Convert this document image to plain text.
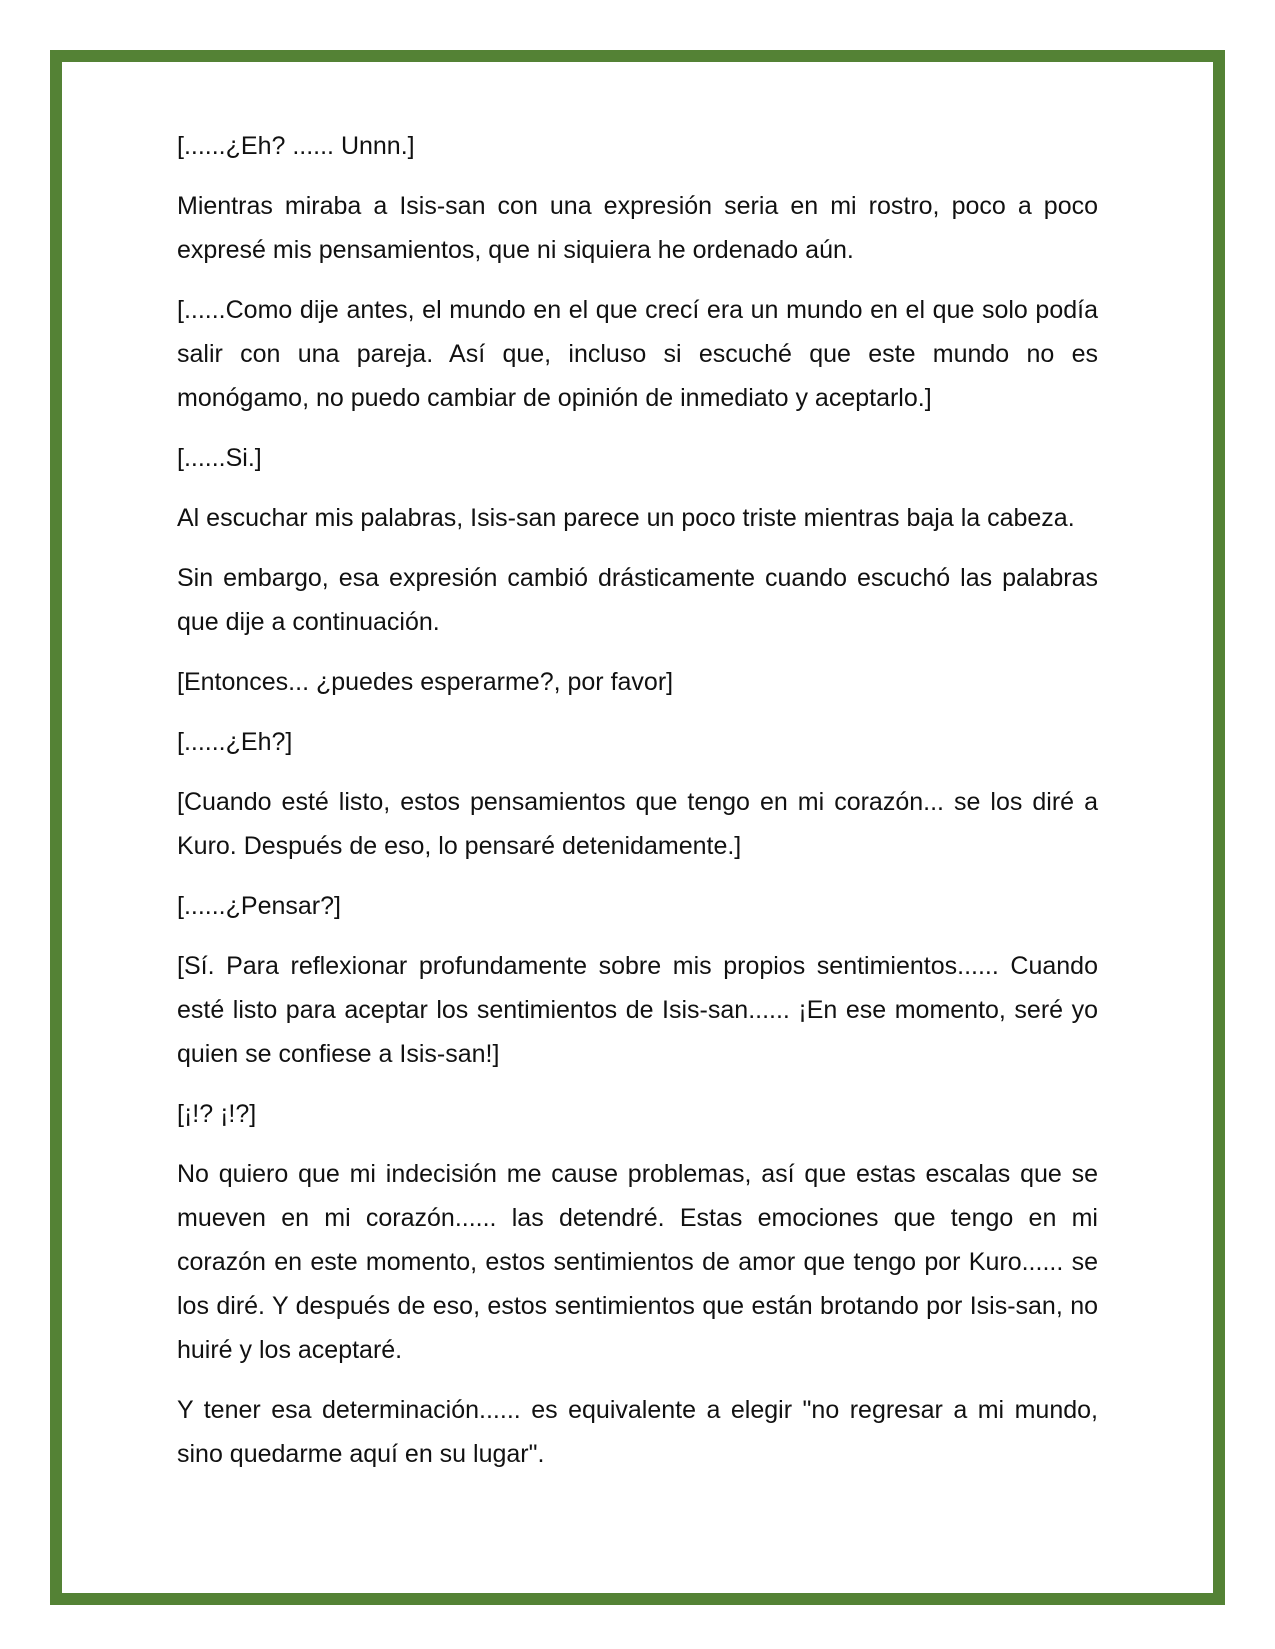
[......¿Eh? ...... Unnn.]

Mientras miraba a Isis-san con una expresión seria en mi rostro, poco a poco expresé mis pensamientos, que ni siquiera he ordenado aún.

[......Como dije antes, el mundo en el que crecí era un mundo en el que solo podía salir con una pareja. Así que, incluso si escuché que este mundo no es monógamo, no puedo cambiar de opinión de inmediato y aceptarlo.]

[......Si.]

Al escuchar mis palabras, Isis-san parece un poco triste mientras baja la cabeza.

Sin embargo, esa expresión cambió drásticamente cuando escuchó las palabras que dije a continuación.

[Entonces... ¿puedes esperarme?, por favor]

[......¿Eh?]

[Cuando esté listo, estos pensamientos que tengo en mi corazón... se los diré a Kuro. Después de eso, lo pensaré detenidamente.]

[......¿Pensar?]

[Sí. Para reflexionar profundamente sobre mis propios sentimientos...... Cuando esté listo para aceptar los sentimientos de Isis-san...... ¡En ese momento, seré yo quien se confiese a Isis-san!]

[¡!? ¡!?]

No quiero que mi indecisión me cause problemas, así que estas escalas que se mueven en mi corazón...... las detendré. Estas emociones que tengo en mi corazón en este momento, estos sentimientos de amor que tengo por Kuro...... se los diré. Y después de eso, estos sentimientos que están brotando por Isis-san, no huiré y los aceptaré.

Y tener esa determinación...... es equivalente a elegir "no regresar a mi mundo, sino quedarme aquí en su lugar".
